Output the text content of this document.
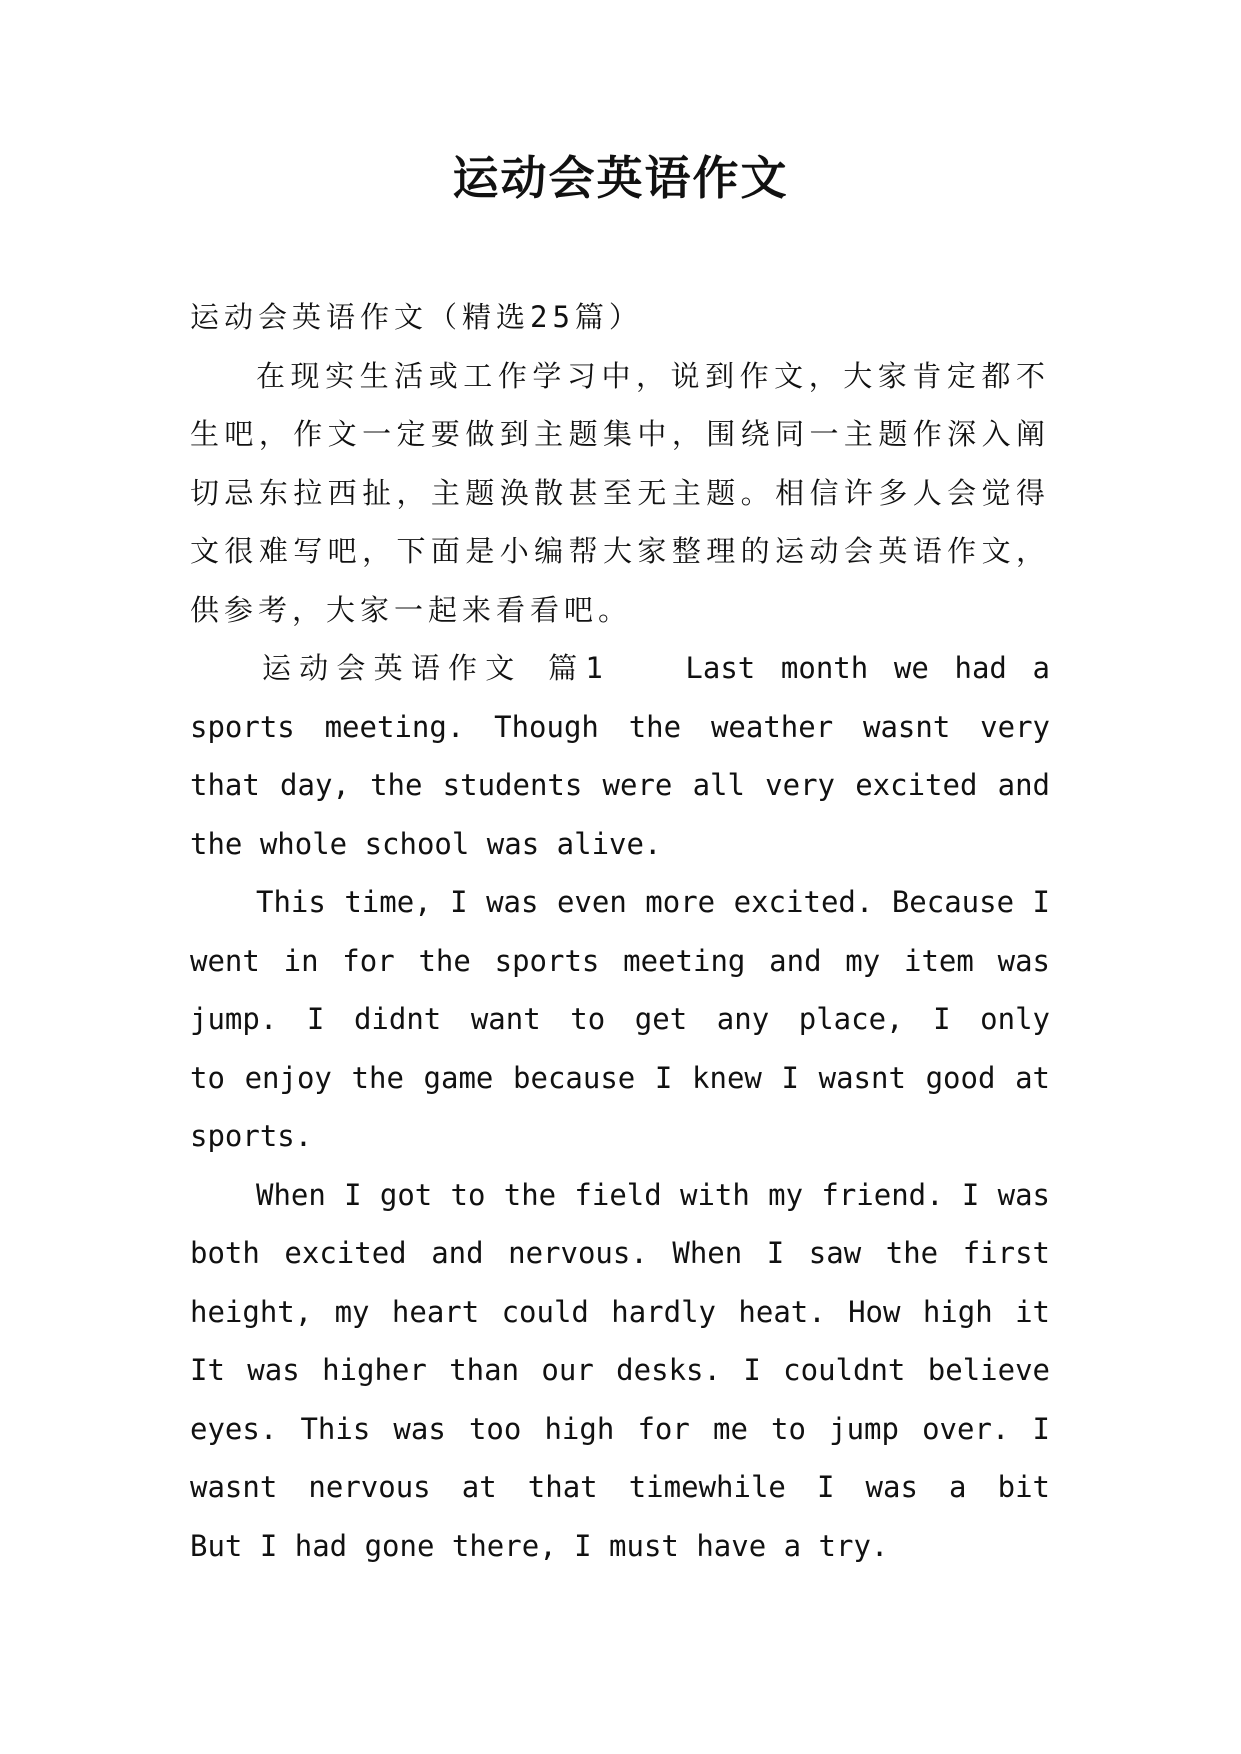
运动会英语作文

运动会英语作文（精选25篇）

在现实生活或工作学习中，说到作文，大家肯定都不

生吧，作文一定要做到主题集中，围绕同一主题作深入阐

切忌东拉西扯，主题涣散甚至无主题。相信许多人会觉得

文很难写吧，下面是小编帮大家整理的运动会英语作文，

供参考，大家一起来看看吧。

运动会英语作文 篇1　　Last month we had a

sports meeting. Though the weather wasnt very

that day, the students were all very excited and

the whole school was alive.

This time, I was even more excited. Because I

went in for the sports meeting and my item was

jump. I didnt want to get any place, I only

to enjoy the game because I knew I wasnt good at

sports.

When I got to the field with my friend. I was

both excited and nervous. When I saw the first

height, my heart could hardly heat. How high it

It was higher than our desks. I couldnt believe

eyes. This was too high for me to jump over. I

wasnt nervous at that timewhile I was a bit

But I had gone there, I must have a try.
